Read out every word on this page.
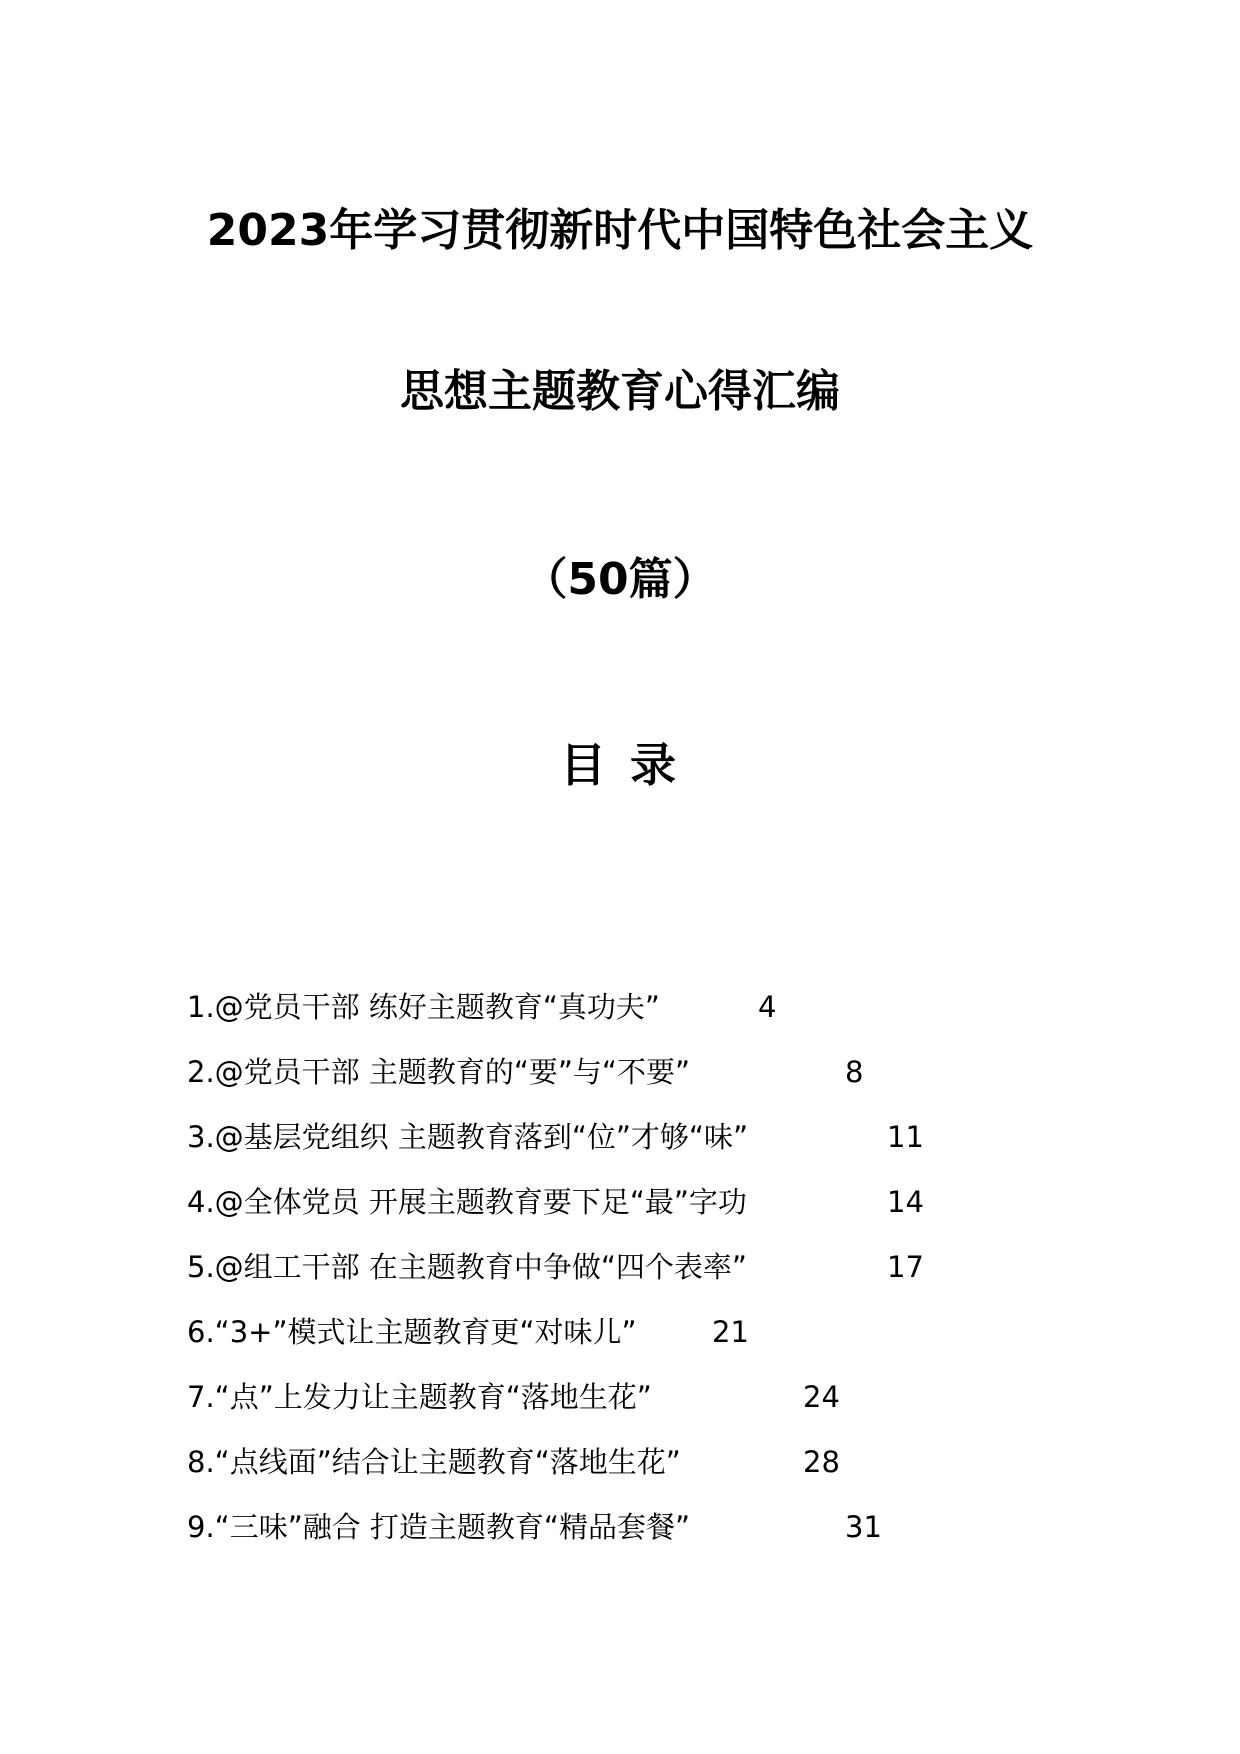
2023年学习贯彻新时代中国特色社会主义
思想主题教育心得汇编
（50篇）
目 录
1.@党员干部 练好主题教育“真功夫”	4
2.@党员干部 主题教育的“要”与“不要”	8
3.@基层党组织 主题教育落到“位”才够“味”	11
4.@全体党员 开展主题教育要下足“最”字功	14
5.@组工干部 在主题教育中争做“四个表率”	17
6.“3+”模式让主题教育更“对味儿”	21
7.“点”上发力让主题教育“落地生花”	24
8.“点线面”结合让主题教育“落地生花”	28
9.“三味”融合 打造主题教育“精品套餐”	31
